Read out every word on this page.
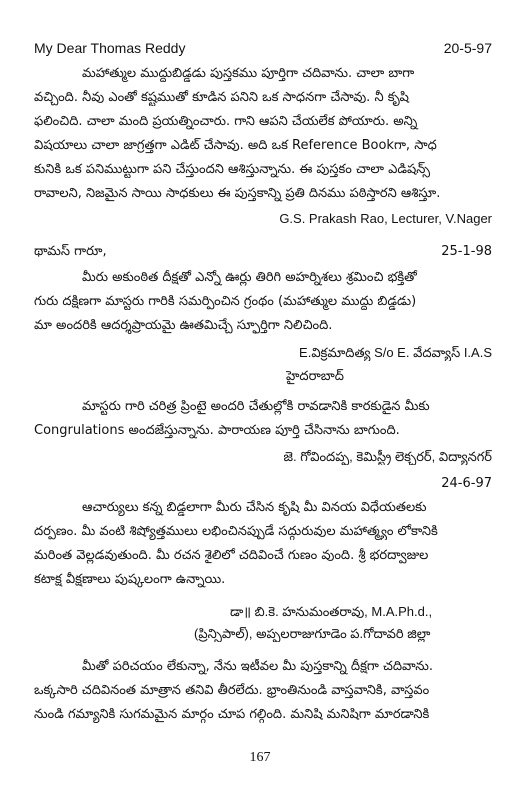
My Dear Thomas Reddy	20-5-97
మహాత్ముల ముద్దుబిడ్డడు పుస్తకము పూర్తిగా చదివాను. చాలా బాగా
వచ్చింది. నీవు ఎంతో కష్టముతో కూడిన పనిని ఒక సాధనగా చేసావు. నీ కృషి
ఫలించిది. చాలా మంది ప్రయత్నించారు. గాని ఆపని చేయలేక పోయారు. అన్ని
విషయాలు చాలా జాగ్రత్తగా ఎడిట్ చేసావు. అది ఒక Reference Bookగా, సాధ
కునికి ఒక పనిముట్టుగా పని చేస్తుందని ఆశిస్తున్నాను. ఈ పుస్తకం చాలా ఎడిషన్స్
రావాలని, నిజమైన సాయి సాధకులు ఈ పుస్తకాన్ని ప్రతి దినము పఠిస్తారని ఆశిస్తూ.
G.S. Prakash Rao, Lecturer, V.Nager
థామస్ గారూ,	25-1-98
మీరు అకుంఠిత దీక్షతో ఎన్నో ఊర్లు తిరిగి అహర్నిశలు శ్రమించి భక్తితో
గురు దక్షిణగా మాస్టరు గారికి సమర్పించిన గ్రంథం (మహాత్ముల ముద్దు బిడ్డడు)
మా అందరికి ఆదర్శప్రాయమై ఊతమిచ్చే స్ఫూర్తిగా నిలిచింది.
E.విక్రమాదిత్య S/o E. వేదవ్యాస్ I.A.S
హైదరాబాద్
మాస్టరు గారి చరిత్ర ప్రింటై అందరి చేతుల్లోకి రావడానికి కారకుడైన మీకు
Congrulations అందజేస్తున్నాను. పారాయణ పూర్తి చేసినాను బాగుంది.
జె. గోవిందప్ప, కెమిస్ట్రీ లెక్చరర్, విద్యానగర్
24-6-97
ఆచార్యులు కన్న బిడ్డలాగా మీరు చేసిన కృషి మీ వినయ విధేయతలకు
దర్పణం. మీ వంటి శిష్యోత్తములు లభించినప్పుడే సద్గురువుల మహాత్మ్యం లోకానికి
మరింత వెల్లడవుతుంది. మీ రచన శైలిలో చదివించే గుణం వుంది. శ్రీ భరద్వాజుల
కటాక్ష వీక్షణాలు పుష్కలంగా ఉన్నాయి.
డా॥ బి.కె. హనుమంతరావు, M.A.Ph.d.,
(ప్రిన్సిపాల్), అప్పలరాజుగూడెం ప.గోదావరి జిల్లా
మీతో పరిచయం లేకున్నా, నేను ఇటీవల మీ పుస్తకాన్ని దీక్షగా చదివాను.
ఒక్కసారి చదివినంత మాత్రాన తనివి తీరలేదు. భ్రాంతినుండి వాస్తవానికి, వాస్తవం
నుండి గమ్యానికి సుగమమైన మార్గం చూప గల్గింది. మనిషి మనిషిగా మారడానికి
167
